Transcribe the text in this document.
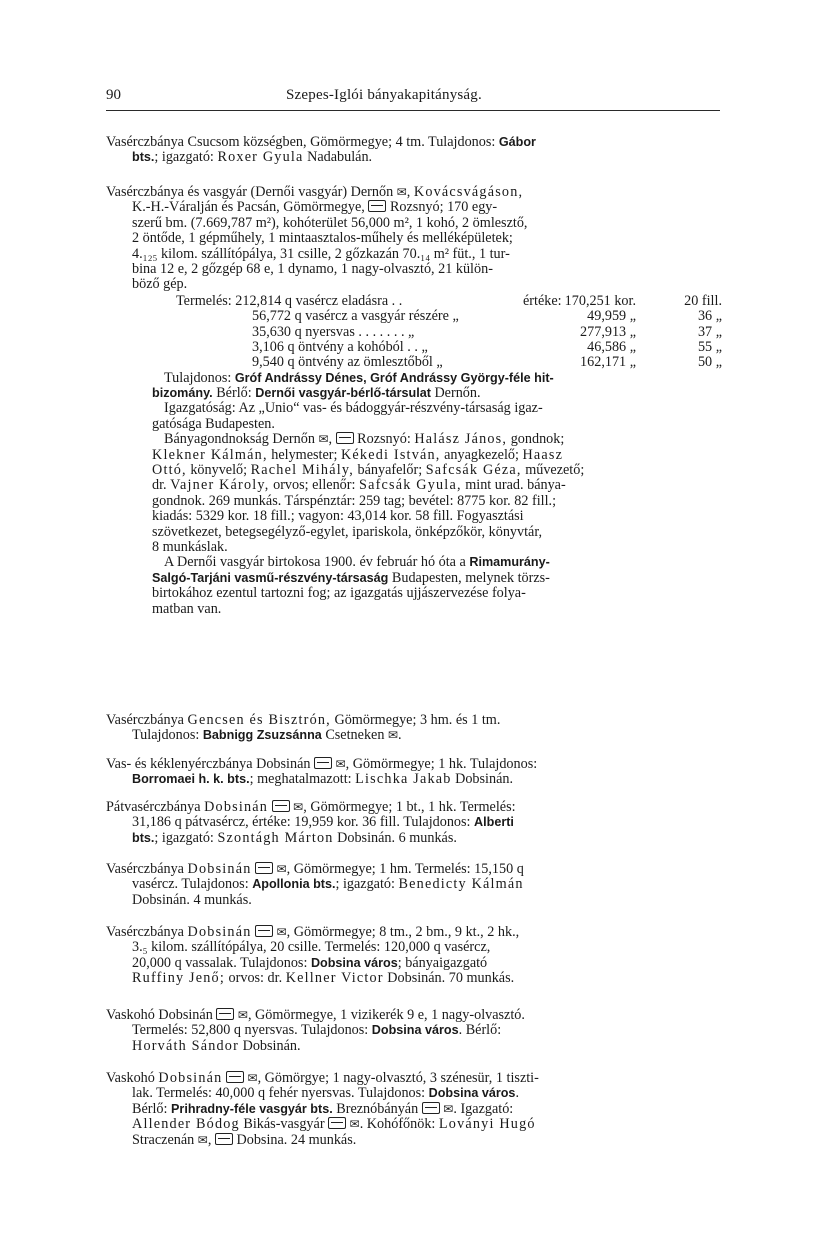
90	Szepes-Iglói bányakapitányság.
Vasérczbánya Csucsom községben, Gömörmegye; 4 tm. Tulajdonos: Gábor
bts.; igazgató: Roxer Gyula Nadabulán.
Vasérczbánya és vasgyár (Dernői vasgyár) Dernőn ✉, Kovácsvágáson,
K.-H.-Váralján és Pacsán, Gömörmegye,  Rozsnyó; 170 egy-
szerű bm. (7.669,787 m²), kohóterület 56,000 m², 1 kohó, 2 ömlesztő,
2 öntőde, 1 gépműhely, 1 mintaasztalos-műhely és melléképületek;
4.₁₂₅ kilom. szállítópálya, 31 csille, 2 gőzkazán 70.₁₄ m² füt., 1 tur-
bina 12 e, 2 gőzgép 68 e, 1 dynamo, 1 nagy-olvasztó, 21 külön-
böző gép.
Termelés: 212,814 q vasércz eladásra . .	értéke: 170,251 kor.	20 fill.
56,772 q vasércz a vasgyár részére „	49,959 „	36 „
35,630 q nyersvas . . . . . . . „	277,913 „	37 „
3,106 q öntvény a kohóból . . „	46,586 „	55 „
9,540 q öntvény az ömlesztőből „	162,171 „	50 „
Tulajdonos: Gróf Andrássy Dénes, Gróf Andrássy György-féle hit-
bizomány. Bérlő: Dernői vasgyár-bérlő-társulat Dernőn.
Igazgatóság: Az „Unio“ vas- és bádoggyár-részvény-társaság igaz-
gatósága Budapesten.
Bányagondnokság Dernőn ✉,  Rozsnyó: Halász János, gondnok;
Klekner Kálmán, helymester; Kékedi István, anyagkezelő; Haasz
Ottó, könyvelő; Rachel Mihály, bányafelőr; Safcsák Géza, művezető;
dr. Vajner Károly, orvos; ellenőr: Safcsák Gyula, mint urad. bánya-
gondnok. 269 munkás. Társpénztár: 259 tag; bevétel: 8775 kor. 82 fill.;
kiadás: 5329 kor. 18 fill.; vagyon: 43,014 kor. 58 fill. Fogyasztási
szövetkezet, betegsegélyző-egylet, ipariskola, önképzőkör, könyvtár,
8 munkáslak.
A Dernői vasgyár birtokosa 1900. év február hó óta a Rimamurány-
Salgó-Tarjáni vasmű-részvény-társaság Budapesten, melynek törzs-
birtokához ezentul tartozni fog; az igazgatás ujjászervezése folya-
matban van.
Vasérczbánya Gencsen és Bisztrón, Gömörmegye; 3 hm. és 1 tm.
Tulajdonos: Babnigg Zsuzsánna Csetneken ✉.
Vas- és kéklenyérczbánya Dobsinán  ✉, Gömörmegye; 1 hk. Tulajdonos:
Borromaei h. k. bts.; meghatalmazott: Lischka Jakab Dobsinán.
Pátvasérczbánya Dobsinán ✉, Gömörmegye; 1 bt., 1 hk. Termelés:
31,186 q pátvasércz, értéke: 19,959 kor. 36 fill. Tulajdonos: Alberti
bts.; igazgató: Szontágh Márton Dobsinán. 6 munkás.
Vasérczbánya Dobsinán ✉, Gömörmegye; 1 hm. Termelés: 15,150 q
vasércz. Tulajdonos: Apollonia bts.; igazgató: Benedicty Kálmán
Dobsinán. 4 munkás.
Vasérczbánya Dobsinán ✉, Gömörmegye; 8 tm., 2 bm., 9 kt., 2 hk.,
3.₅ kilom. szállítópálya, 20 csille. Termelés: 120,000 q vasércz,
20,000 q vassalak. Tulajdonos: Dobsina város; bányaigazgató
Ruffiny Jenő; orvos: dr. Kellner Victor Dobsinán. 70 munkás.
Vaskohó Dobsinán  ✉, Gömörmegye, 1 vizikerék 9 e, 1 nagy-olvasztó.
Termelés: 52,800 q nyersvas. Tulajdonos: Dobsina város. Bérlő:
Horváth Sándor Dobsinán.
Vaskohó Dobsinán ✉, Gömörgye; 1 nagy-olvasztó, 3 szénesür, 1 tiszti-
lak. Termelés: 40,000 q fehér nyersvas. Tulajdonos: Dobsina város.
Bérlő: Prihradny-féle vasgyár bts. Breznóbányán  ✉. Igazgató:
Allender Bódog Bikás-vasgyár  ✉. Kohófőnök: Loványi Hugó
Straczenán ✉,  Dobsina. 24 munkás.
